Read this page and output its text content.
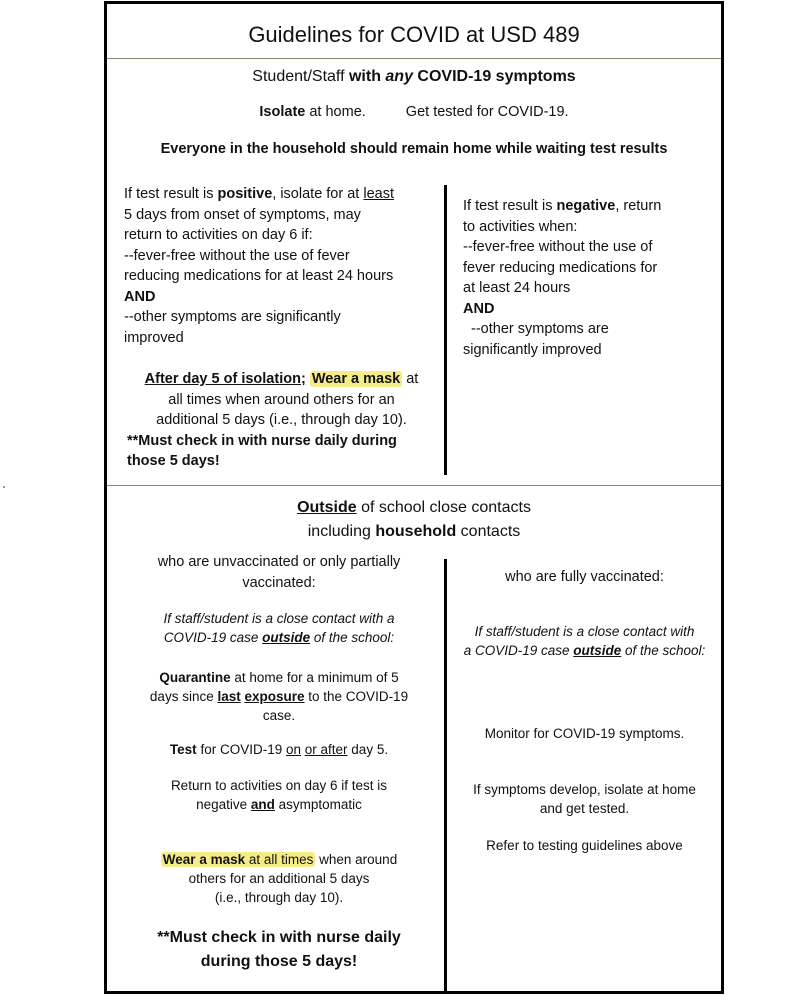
Guidelines for COVID at USD 489
Student/Staff with any COVID-19 symptoms
Isolate at home.	Get tested for COVID-19.
Everyone in the household should remain home while waiting test results
If test result is positive, isolate for at least
5 days from onset of symptoms, may
return to activities on day 6 if:
--fever-free without the use of fever
reducing medications for at least 24 hours
AND
--other symptoms are significantly
improved
After day 5 of isolation; Wear a mask at
all times when around others for an
additional 5 days (i.e., through day 10).
**Must check in with nurse daily during
those 5 days!
If test result is negative, return
to activities when:
--fever-free without the use of
fever reducing medications for
at least 24 hours
AND
--other symptoms are
significantly improved
Outside of school close contacts
including household contacts
who are unvaccinated or only partially
vaccinated:
If staff/student is a close contact with a
COVID-19 case outside of the school:
Quarantine at home for a minimum of 5
days since last exposure to the COVID-19
case.
Test for COVID-19 on or after day 5.
Return to activities on day 6 if test is
negative and asymptomatic
Wear a mask at all times when around
others for an additional 5 days
(i.e., through day 10).
**Must check in with nurse daily
during those 5 days!
who are fully vaccinated:
If staff/student is a close contact with
a COVID-19 case outside of the school:
Monitor for COVID-19 symptoms.
If symptoms develop, isolate at home
and get tested.
Refer to testing guidelines above
